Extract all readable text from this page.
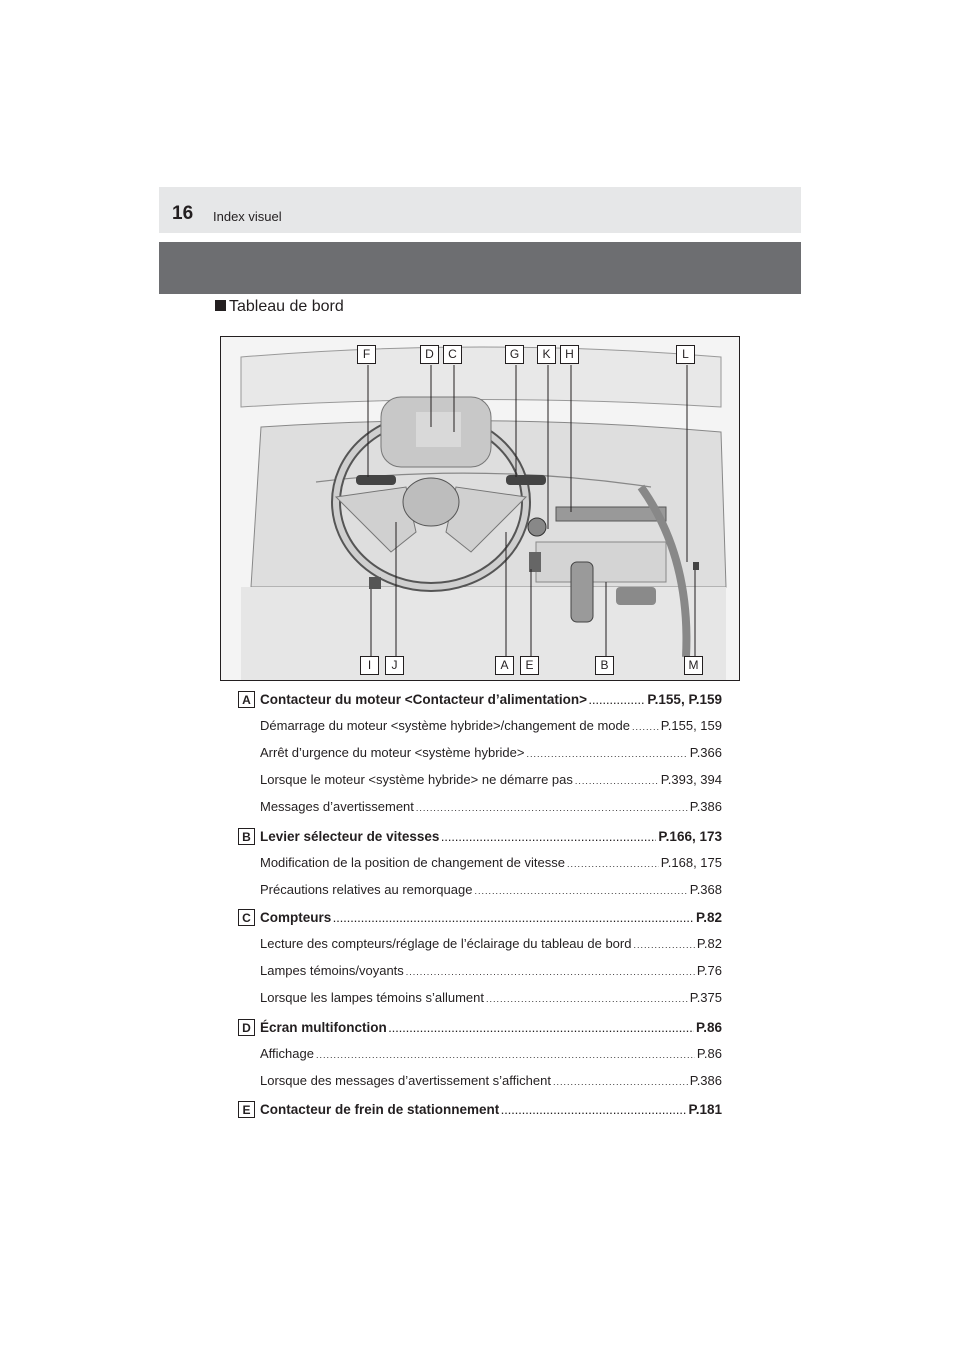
16 Index visuel
Tableau de bord
F	D	C	G	K	H	L
I	J	A	E	B	M
A Contacteur du moteur <Contacteur d’alimentation> .....	P.155, P.159
Démarrage du moteur <système hybride>/changement de mode ..... P.155, 159
Arrêt d’urgence du moteur <système hybride> .....	P.366
Lorsque le moteur <système hybride> ne démarre pas .....	P.393, 394
Messages d’avertissement .....	P.386
B Levier sélecteur de vitesses .....	P.166, 173
Modification de la position de changement de vitesse .....	P.168, 175
Précautions relatives au remorquage .....	P.368
C Compteurs .....	P.82
Lecture des compteurs/réglage de l’éclairage du tableau de bord .....	P.82
Lampes témoins/voyants .....	P.76
Lorsque les lampes témoins s’allument .....	P.375
D Écran multifonction .....	P.86
Affichage .....	P.86
Lorsque des messages d’avertissement s’affichent .....	P.386
E Contacteur de frein de stationnement .....	P.181
